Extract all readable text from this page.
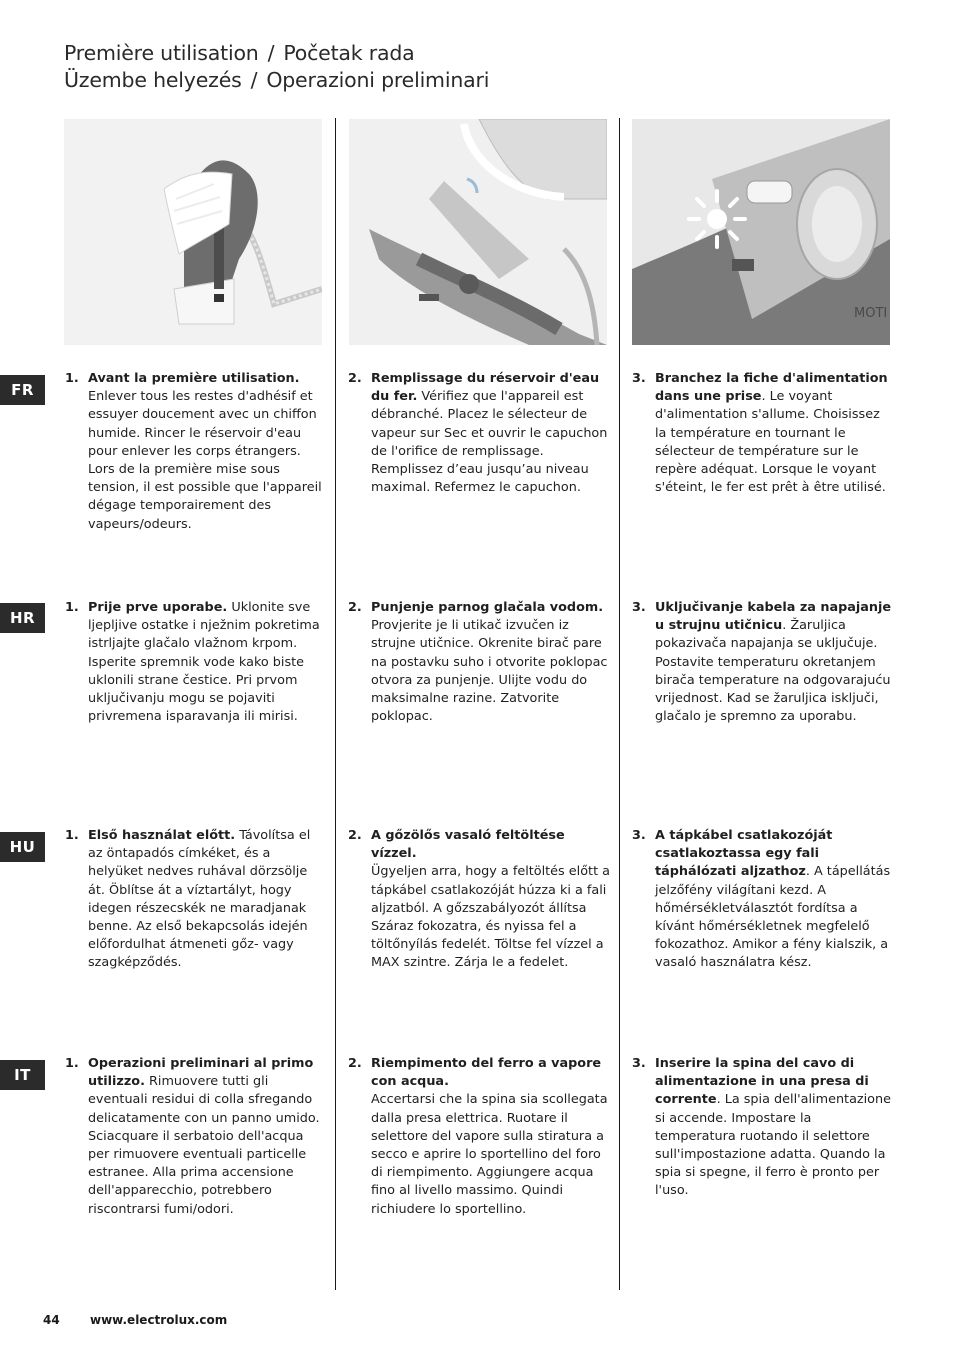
Première utilisation / Početak rada
Üzembe helyezés / Operazioni preliminari
MOTI
FR
HR
HU
IT
1. Avant la première utilisation.
Enlever tous les restes d'adhésif et essuyer doucement avec un chiffon humide. Rincer le réservoir d'eau pour enlever les corps étrangers. Lors de la première mise sous tension, il est possible que l'appareil dégage temporairement des vapeurs/odeurs.
2. Remplissage du réservoir d'eau du fer. Vérifiez que l'appareil est débranché. Placez le sélecteur de vapeur sur Sec et ouvrir le capuchon de l'orifice de remplissage. Remplissez d’eau jusqu’au niveau maximal. Refermez le capuchon.
3. Branchez la fiche d'alimentation dans une prise. Le voyant d'alimentation s'allume. Choisissez la température en tournant le sélecteur de température sur le repère adéquat. Lorsque le voyant s'éteint, le fer est prêt à être utilisé.
1. Prije prve uporabe. Uklonite sve ljepljive ostatke i nježnim pokretima istrljajte glačalo vlažnom krpom. Isperite spremnik vode kako biste uklonili strane čestice. Pri prvom uključivanju mogu se pojaviti privremena isparavanja ili mirisi.
2. Punjenje parnog glačala vodom.
Provjerite je li utikač izvučen iz strujne utičnice. Okrenite birač pare na postavku suho i otvorite poklopac otvora za punjenje. Ulijte vodu do maksimalne razine. Zatvorite poklopac.
3. Uključivanje kabela za napajanje u strujnu utičnicu. Žaruljica pokazivača napajanja se uključuje. Postavite temperaturu okretanjem birača temperature na odgovarajuću vrijednost. Kad se žaruljica isključi, glačalo je spremno za uporabu.
1. Első használat előtt. Távolítsa el az öntapadós címkéket, és a helyüket nedves ruhával dörzsölje át. Öblítse át a víztartályt, hogy idegen részecskék ne maradjanak benne. Az első bekapcsolás idején előfordulhat átmeneti gőz- vagy szagképződés.
2. A gőzölős vasaló feltöltése vízzel.
Ügyeljen arra, hogy a feltöltés előtt a tápkábel csatlakozóját húzza ki a fali aljzatból. A gőzszabályozót állítsa Száraz fokozatra, és nyissa fel a töltőnyílás fedelét. Töltse fel vízzel a MAX szintre. Zárja le a fedelet.
3. A tápkábel csatlakozóját csatlakoztassa egy fali táphálózati aljzathoz. A tápellátás jelzőfény világítani kezd. A hőmérsékletválasztót fordítsa a kívánt hőmérsékletnek megfelelő fokozathoz. Amikor a fény kialszik, a vasaló használatra kész.
1. Operazioni preliminari al primo utilizzo. Rimuovere tutti gli eventuali residui di colla sfregando delicatamente con un panno umido. Sciacquare il serbatoio dell'acqua per rimuovere eventuali particelle estranee. Alla prima accensione dell'apparecchio, potrebbero riscontrarsi fumi/odori.
2. Riempimento del ferro a vapore con acqua.
Accertarsi che la spina sia scollegata dalla presa elettrica. Ruotare il selettore del vapore sulla stiratura a secco e aprire lo sportellino del foro di riempimento. Aggiungere acqua fino al livello massimo. Quindi richiudere lo sportellino.
3. Inserire la spina del cavo di alimentazione in una presa di corrente. La spia dell'alimentazione si accende. Impostare la temperatura ruotando il selettore sull'impostazione adatta. Quando la spia si spegne, il ferro è pronto per l'uso.
44	www.electrolux.com
